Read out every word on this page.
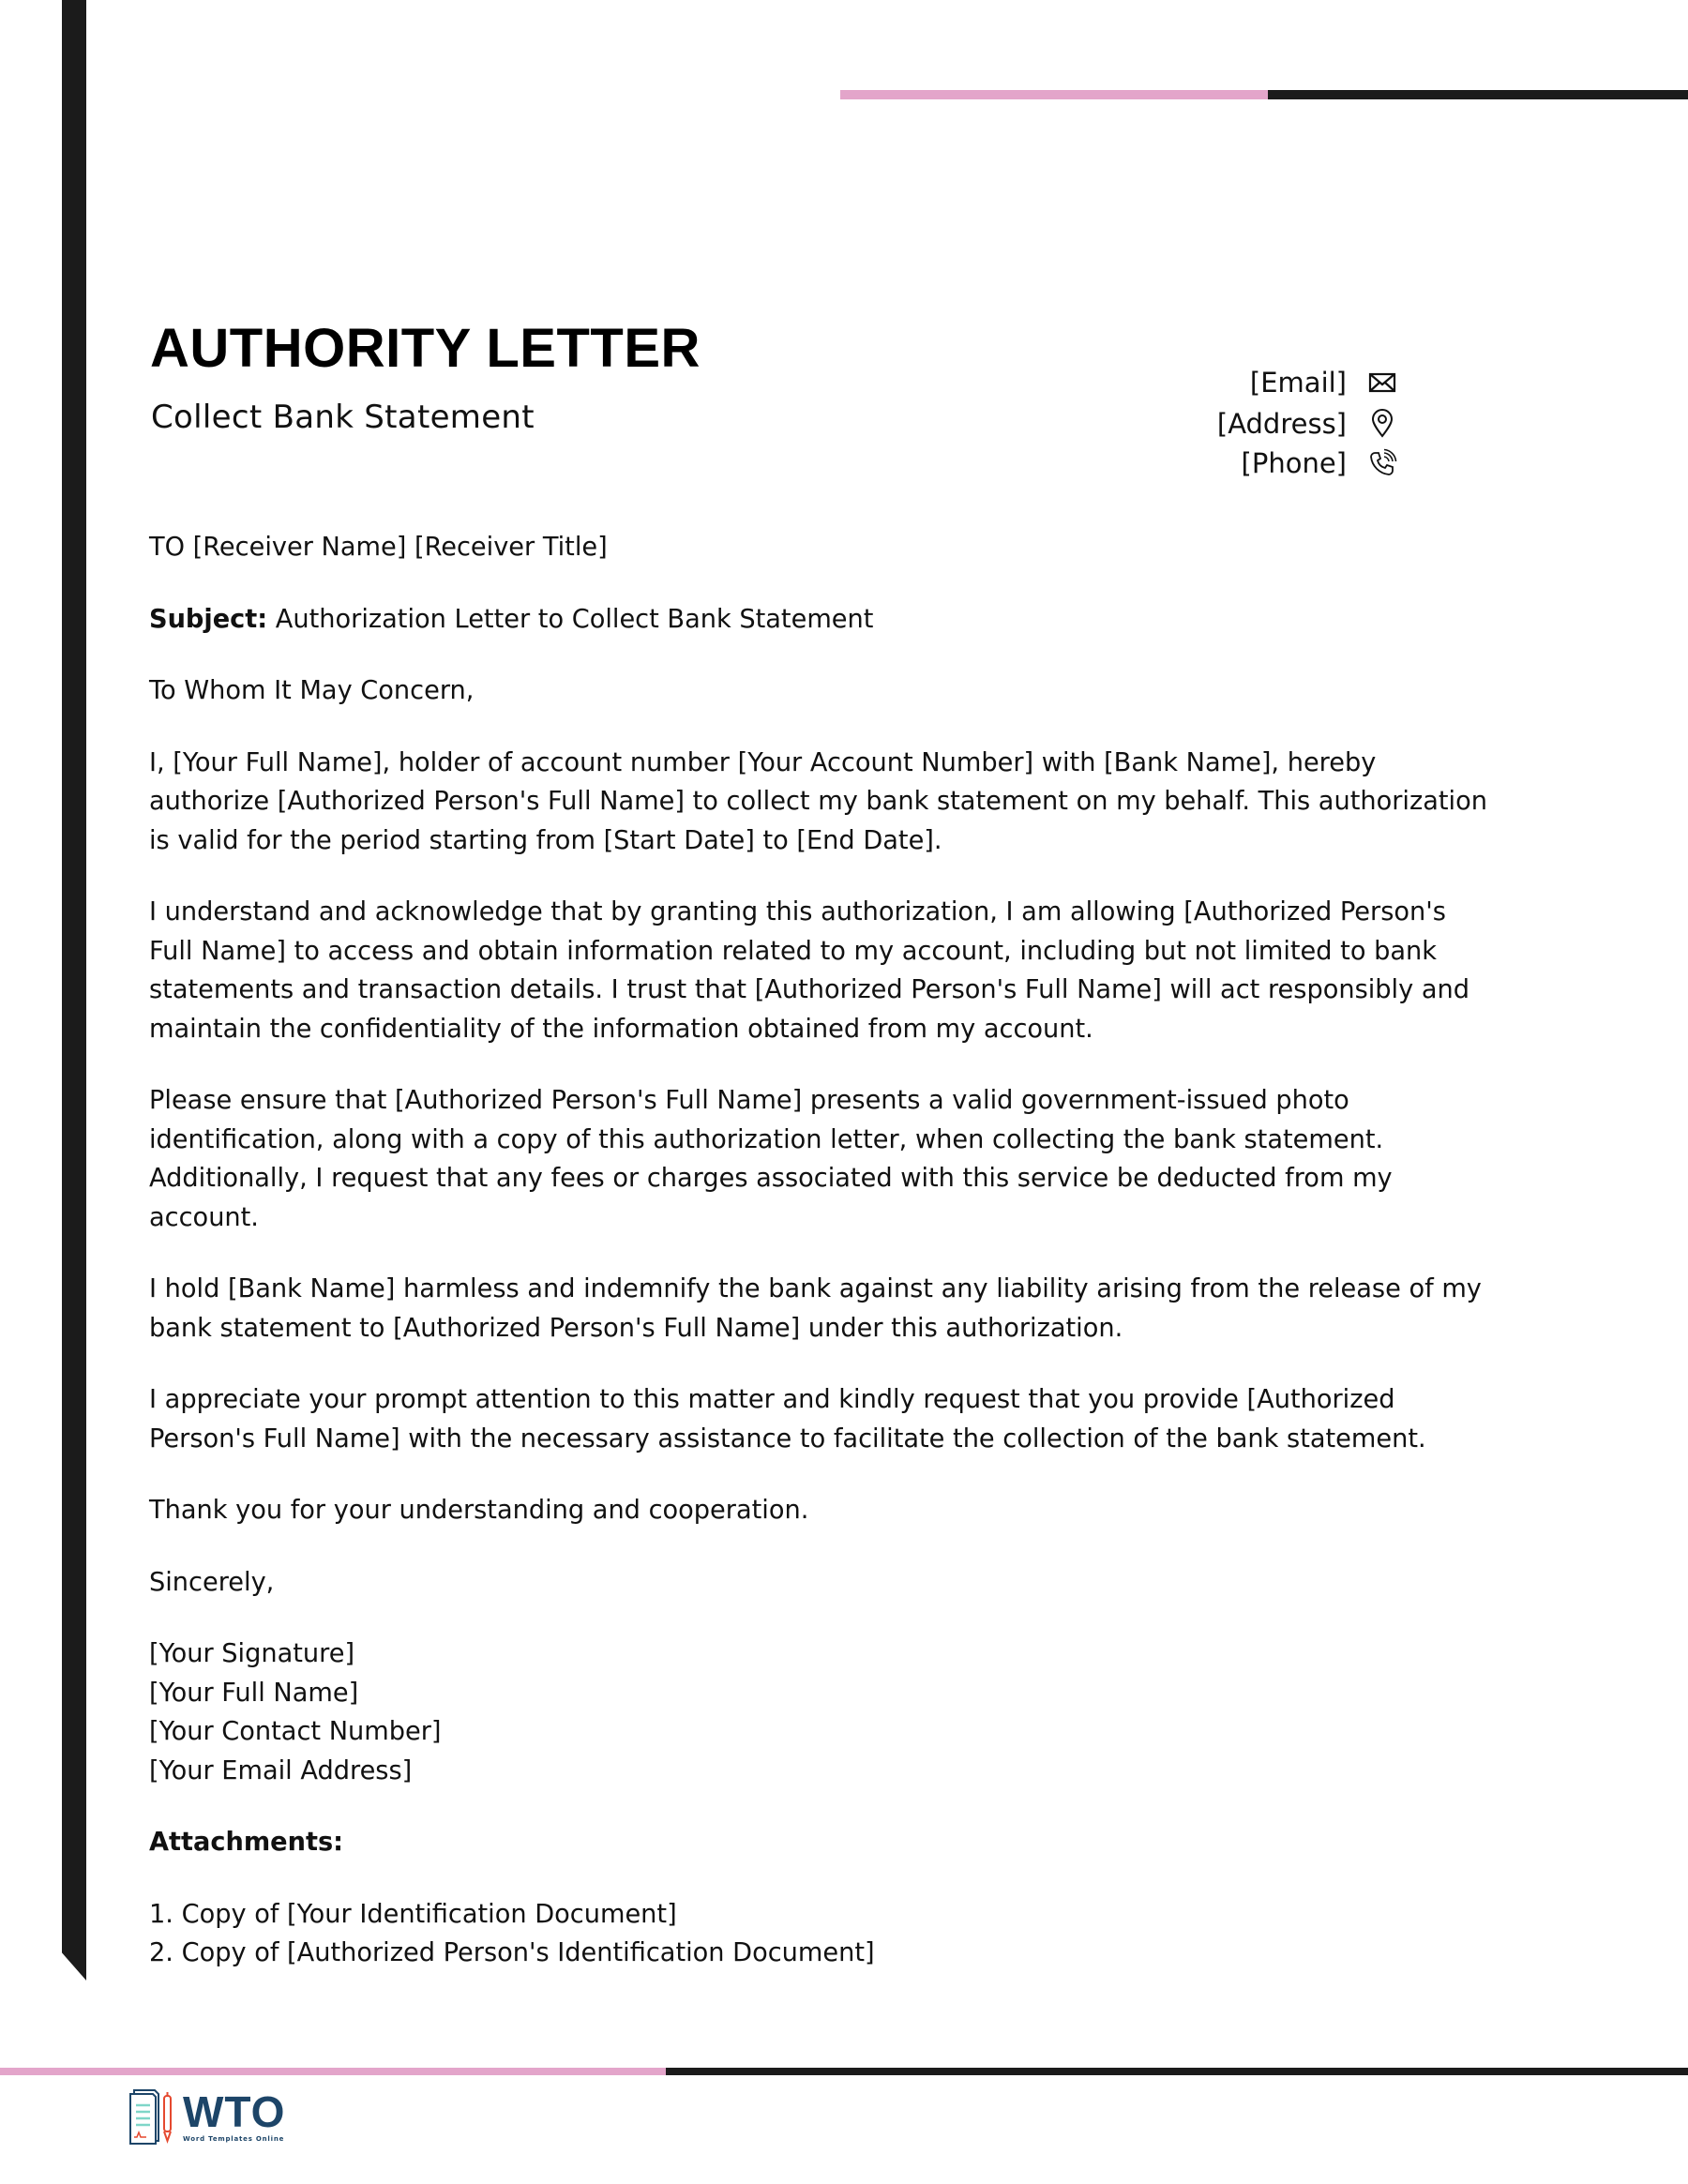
AUTHORITY LETTER
Collect Bank Statement
[Email]
[Address]
[Phone]

TO [Receiver Name] [Receiver Title]

Subject: Authorization Letter to Collect Bank Statement

To Whom It May Concern,

I, [Your Full Name], holder of account number [Your Account Number] with [Bank Name], hereby
authorize [Authorized Person's Full Name] to collect my bank statement on my behalf. This authorization
is valid for the period starting from [Start Date] to [End Date].

I understand and acknowledge that by granting this authorization, I am allowing [Authorized Person's
Full Name] to access and obtain information related to my account, including but not limited to bank
statements and transaction details. I trust that [Authorized Person's Full Name] will act responsibly and
maintain the confidentiality of the information obtained from my account.

Please ensure that [Authorized Person's Full Name] presents a valid government-issued photo
identification, along with a copy of this authorization letter, when collecting the bank statement.
Additionally, I request that any fees or charges associated with this service be deducted from my
account.

I hold [Bank Name] harmless and indemnify the bank against any liability arising from the release of my
bank statement to [Authorized Person's Full Name] under this authorization.

I appreciate your prompt attention to this matter and kindly request that you provide [Authorized
Person's Full Name] with the necessary assistance to facilitate the collection of the bank statement.

Thank you for your understanding and cooperation.

Sincerely,

[Your Signature]

[Your Full Name]

[Your Contact Number]

[Your Email Address]

Attachments:

1. Copy of [Your Identification Document]
2. Copy of [Authorized Person's Identification Document]
WTO
Word Templates Online
